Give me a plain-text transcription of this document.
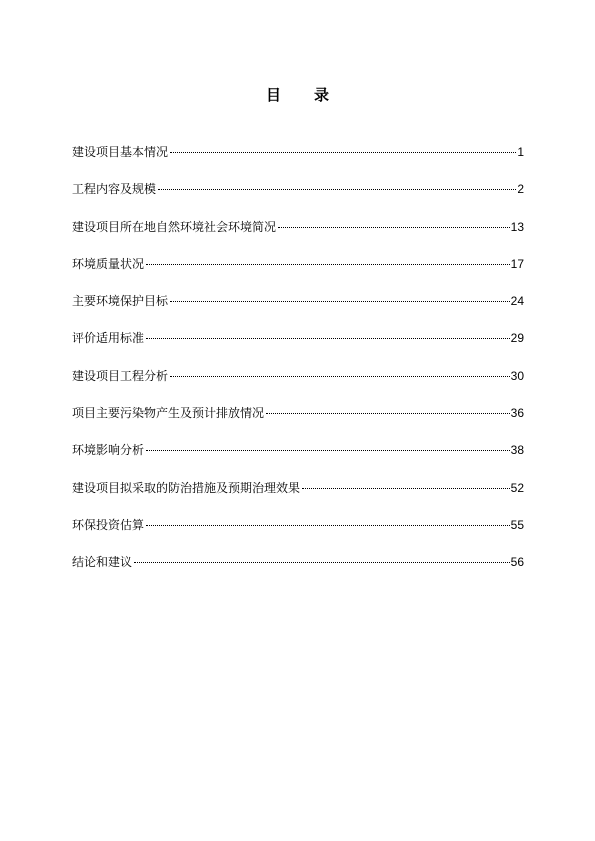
目 录
建设项目基本情况	1
工程内容及规模	2
建设项目所在地自然环境社会环境简况	13
环境质量状况	17
主要环境保护目标	24
评价适用标准	29
建设项目工程分析	30
项目主要污染物产生及预计排放情况	36
环境影响分析	38
建设项目拟采取的防治措施及预期治理效果	52
环保投资估算	55
结论和建议	56
